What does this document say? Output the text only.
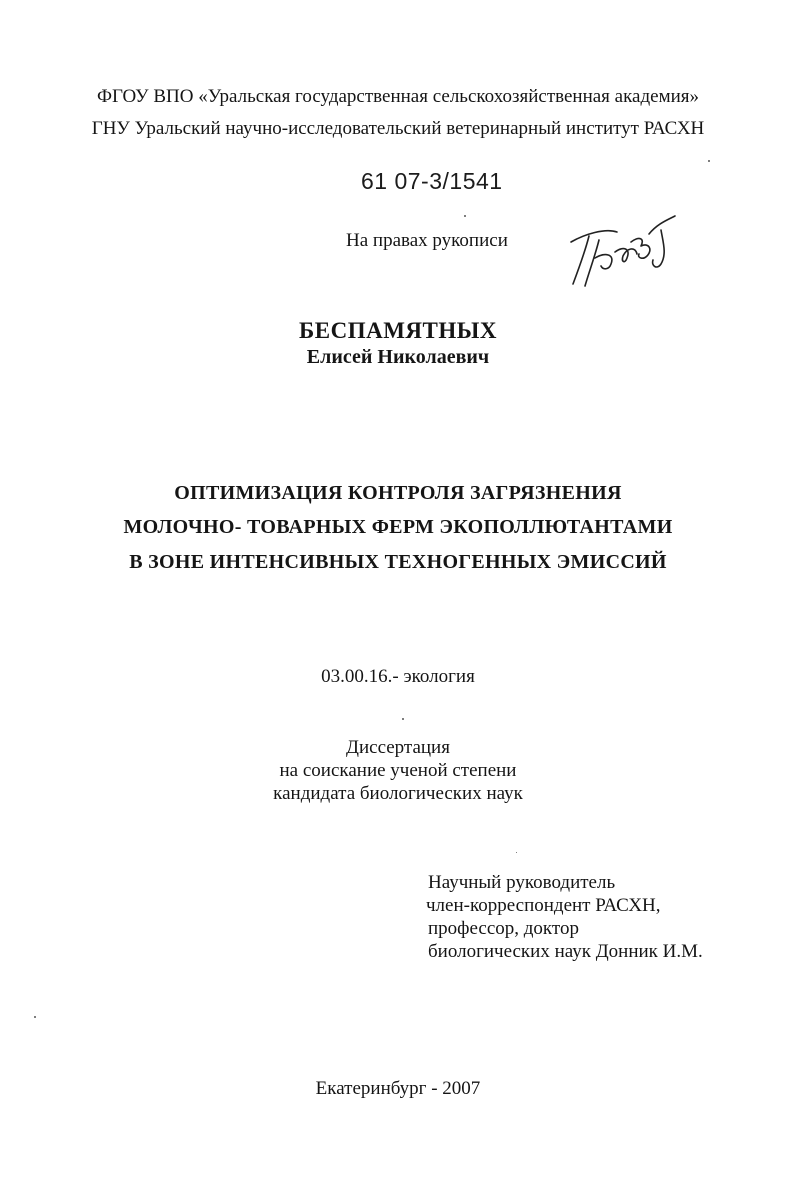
ФГОУ ВПО «Уральская государственная сельскохозяйственная академия»
ГНУ Уральский научно-исследовательский ветеринарный институт РАСХН
61 07-3/1541
На правах рукописи
БЕСПАМЯТНЫХ
Елисей Николаевич
ОПТИМИЗАЦИЯ КОНТРОЛЯ ЗАГРЯЗНЕНИЯ
МОЛОЧНО- ТОВАРНЫХ ФЕРМ ЭКОПОЛЛЮТАНТАМИ
В ЗОНЕ ИНТЕНСИВНЫХ ТЕХНОГЕННЫХ ЭМИССИЙ
03.00.16.- экология
Диссертация
на соискание ученой степени
кандидата биологических наук
Научный руководитель
член-корреспондент РАСХН,
профессор, доктор
биологических наук Донник И.М.
Екатеринбург - 2007
